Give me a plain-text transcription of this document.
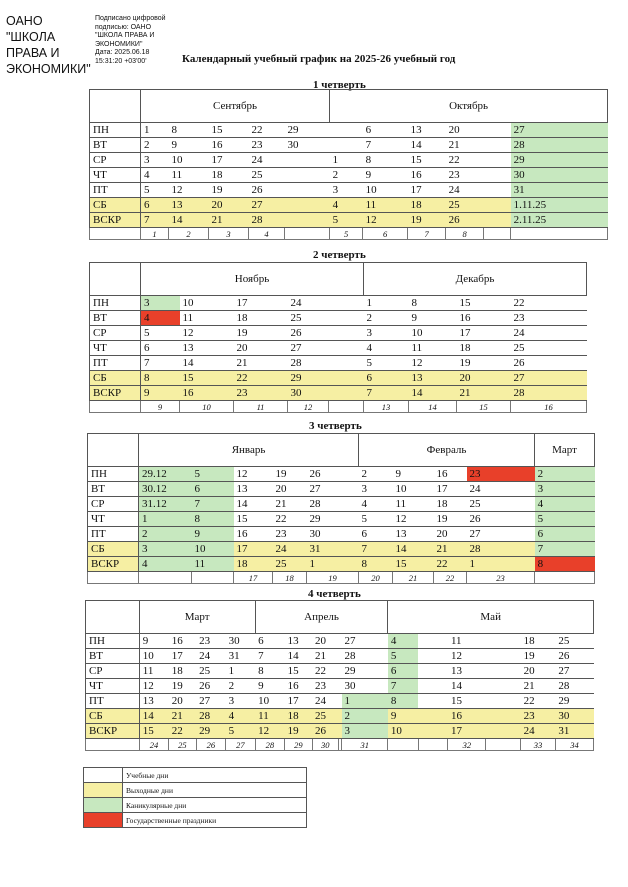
ОАНО
"ШКОЛА
ПРАВА И
ЭКОНОМИКИ"
Подписано цифровой
подписью: ОАНО
"ШКОЛА ПРАВА И
ЭКОНОМИКИ"
Дата: 2025.06.18
15:31:20 +03'00'	Календарный учебный график на 2025-26 учебный год
1 четверть
	Сентябрь					Октябрь					
ПН	1	8	15	22	29		6	13	20		27
ВТ	2	9	16	23	30		7	14	21		28
СР	3	10	17	24		1	8	15	22		29
ЧТ	4	11	18	25		2	9	16	23		30
ПТ	5	12	19	26		3	10	17	24		31
СБ	6	13	20	27		4	11	18	25		1.11.25
ВСКР	7	14	21	28		5	12	19	26		2.11.25
	1	2	3	4		5	6	7	8		
2 четверть
	Ноябрь					Декабрь			
ПН	3	10	17	24		1	8	15	22
ВТ	4	11	18	25		2	9	16	23
СР	5	12	19	26		3	10	17	24
ЧТ	6	13	20	27		4	11	18	25
ПТ	7	14	21	28		5	12	19	26
СБ	8	15	22	29		6	13	20	27
ВСКР	9	16	23	30		7	14	21	28
	9	10	11	12		13	14	15	16
3 четверть
	Январь					Февраль				Март
ПН	29.12	5	12	19	26	2	9	16	23	2
ВТ	30.12	6	13	20	27	3	10	17	24	3
СР	31.12	7	14	21	28	4	11	18	25	4
ЧТ	1	8	15	22	29	5	12	19	26	5
ПТ	2	9	16	23	30	6	13	20	27	6
СБ	3	10	17	24	31	7	14	21	28	7
ВСКР	4	11	18	25	1	8	15	22	1	8
			17	18	19	20	21	22	23	
4 четверть
	Март				Апрель					Май					
ПН	9	16	23	30	6	13	20		27	4		11		18	25
ВТ	10	17	24	31	7	14	21		28	5		12		19	26
СР	11	18	25	1	8	15	22		29	6		13		20	27
ЧТ	12	19	26	2	9	16	23		30	7		14		21	28
ПТ	13	20	27	3	10	17	24		1	8		15		22	29
СБ	14	21	28	4	11	18	25		2	9		16		23	30
ВСКР	15	22	29	5	12	19	26		3	10		17		24	31
	24	25	26	27	28	29	30		31			32		33	34
	Учебные дни
	Выходные дни
	Каникулярные дни
	Государственные праздники
